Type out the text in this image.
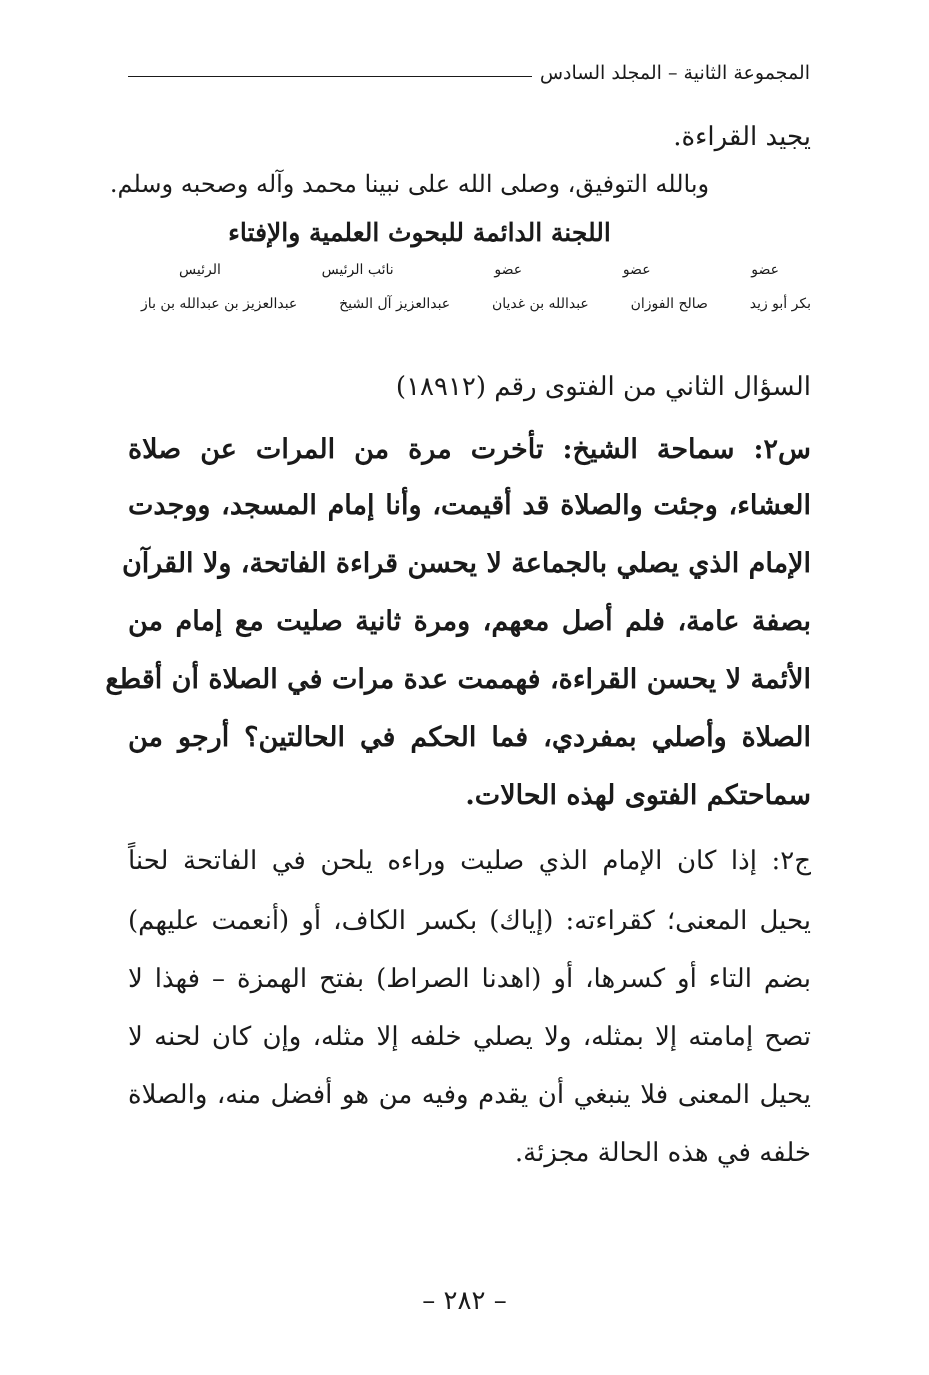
المجموعة الثانية – المجلد السادس
يجيد القراءة.
وبالله التوفيق، وصلى الله على نبينا محمد وآله وصحبه وسلم.
اللجنة الدائمة للبحوث العلمية والإفتاء
عضو
عضو
عضو
نائب الرئيس
الرئيس
بكر أبو زيد
صالح الفوزان
عبدالله بن غديان
عبدالعزيز آل الشيخ
عبدالعزيز بن عبدالله بن باز
السؤال الثاني من الفتوى رقم (١٨٩١٢)
س٢: سماحة الشيخ: تأخرت مرة من المرات عن صلاة
العشاء، وجئت والصلاة قد أقيمت، وأنا إمام المسجد، ووجدت
الإمام الذي يصلي بالجماعة لا يحسن قراءة الفاتحة، ولا القرآن
بصفة عامة، فلم أصل معهم، ومرة ثانية صليت مع إمام من
الأئمة لا يحسن القراءة، فهممت عدة مرات في الصلاة أن أقطع
الصلاة وأصلي بمفردي، فما الحكم في الحالتين؟ أرجو من
سماحتكم الفتوى لهذه الحالات.
ج٢: إذا كان الإمام الذي صليت وراءه يلحن في الفاتحة لحناً
يحيل المعنى؛ كقراءته: (إياك) بكسر الكاف، أو (أنعمت عليهم)
بضم التاء أو كسرها، أو (اهدنا الصراط) بفتح الهمزة – فهذا لا
تصح إمامته إلا بمثله، ولا يصلي خلفه إلا مثله، وإن كان لحنه لا
يحيل المعنى فلا ينبغي أن يقدم وفيه من هو أفضل منه، والصلاة
خلفه في هذه الحالة مجزئة.
– ٢٨٢ –
